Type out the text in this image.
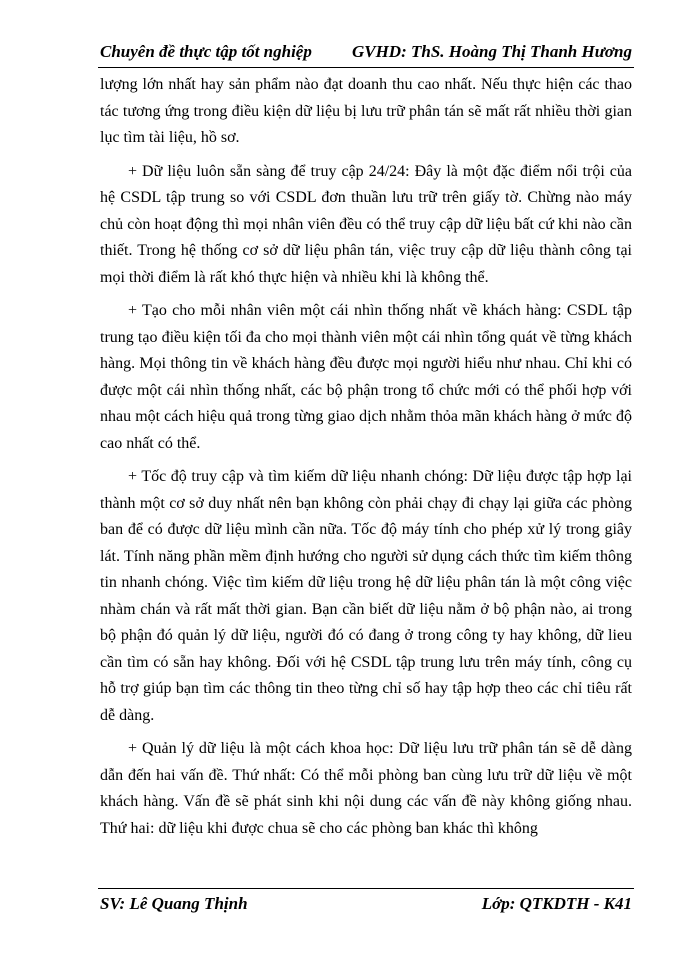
Chuyên đề thực tập tốt nghiệp GVHD: ThS. Hoàng Thị Thanh Hương

lượng lớn nhất hay sản phẩm nào đạt doanh thu cao nhất. Nếu thực hiện các thao tác tương ứng trong điều kiện dữ liệu bị lưu trữ phân tán sẽ mất rất nhiều thời gian lục tìm tài liệu, hồ sơ.

+ Dữ liệu luôn sẵn sàng để truy cập 24/24: Đây là một đặc điểm nổi trội của hệ CSDL tập trung so với CSDL đơn thuần lưu trữ trên giấy tờ. Chừng nào máy chủ còn hoạt động thì mọi nhân viên đều có thể truy cập dữ liệu bất cứ khi nào cần thiết. Trong hệ thống cơ sở dữ liệu phân tán, việc truy cập dữ liệu thành công tại mọi thời điểm là rất khó thực hiện và nhiều khi là không thể.

+ Tạo cho mỗi nhân viên một cái nhìn thống nhất về khách hàng: CSDL tập trung tạo điều kiện tối đa cho mọi thành viên một cái nhìn tổng quát về từng khách hàng. Mọi thông tin về khách hàng đều được mọi người hiểu như nhau. Chỉ khi có được một cái nhìn thống nhất, các bộ phận trong tổ chức mới có thể phối hợp với nhau một cách hiệu quả trong từng giao dịch nhằm thỏa mãn khách hàng ở mức độ cao nhất có thể.

+ Tốc độ truy cập và tìm kiếm dữ liệu nhanh chóng: Dữ liệu được tập hợp lại thành một cơ sở duy nhất nên bạn không còn phải chạy đi chạy lại giữa các phòng ban để có được dữ liệu mình cần nữa. Tốc độ máy tính cho phép xử lý trong giây lát. Tính năng phần mềm định hướng cho người sử dụng cách thức tìm kiếm thông tin nhanh chóng. Việc tìm kiếm dữ liệu trong hệ dữ liệu phân tán là một công việc nhàm chán và rất mất thời gian. Bạn cần biết dữ liệu nằm ở bộ phận nào, ai trong bộ phận đó quản lý dữ liệu, người đó có đang ở trong công ty hay không, dữ lieu cần tìm có sẵn hay không. Đối với hệ CSDL tập trung lưu trên máy tính, công cụ hỗ trợ giúp bạn tìm các thông tin theo từng chỉ số hay tập hợp theo các chỉ tiêu rất dễ dàng.

+ Quản lý dữ liệu là một cách khoa học: Dữ liệu lưu trữ phân tán sẽ dễ dàng dẫn đến hai vấn đề. Thứ nhất: Có thể mỗi phòng ban cùng lưu trữ dữ liệu về một khách hàng. Vấn đề sẽ phát sinh khi nội dung các vấn đề này không giống nhau. Thứ hai: dữ liệu khi được chua sẽ cho các phòng ban khác thì không

SV: Lê Quang Thịnh	Lớp: QTKDTH - K41
